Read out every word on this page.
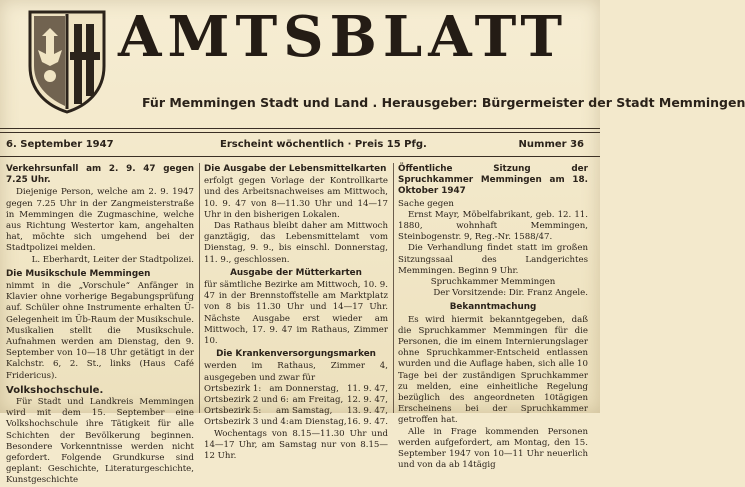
AMTSBLATT
Für Memmingen Stadt und Land . Herausgeber: Bürgermeister der Stadt Memmingen
6. September 1947	Erscheint wöchentlich · Preis 15 Pfg.	Nummer 36

Verkehrsunfall am 2. 9. 47 gegen 7.25 Uhr.

Diejenige Person, welche am 2. 9. 1947 gegen 7.25 Uhr in der Zangmeisterstraße in Memmingen die Zugmaschine, welche aus Richtung Westertor kam, angehalten hat, möchte sich umgehend bei der Stadtpolizei melden.

L. Eberhardt, Leiter der Stadtpolizei.

Die Musikschule Memmingen

nimmt in die „Vorschule“ Anfänger in Klavier ohne vorherige Begabungsprüfung auf. Schüler ohne Instrumente erhalten Ü-Gelegenheit im Üb-Raum der Musikschule. Musikalien stellt die Musikschule. Aufnahmen werden am Dienstag, den 9. September von 10—18 Uhr getätigt in der Kalchstr. 6, 2. St., links (Haus Café Fridericus).

Volkshochschule.

Für Stadt und Landkreis Memmingen wird mit dem 15. September eine Volkshochschule ihre Tätigkeit für alle Schichten der Bevölkerung beginnen. Besondere Vorkenntnisse werden nicht gefordert. Folgende Grundkurse sind geplant: Geschichte, Literaturgeschichte, Kunstgeschichte

Die Ausgabe der Lebensmittelkarten

erfolgt gegen Vorlage der Kontrollkarte und des Arbeitsnachweises am Mittwoch, 10. 9. 47 von 8—11.30 Uhr und 14—17 Uhr in den bisherigen Lokalen.

Das Rathaus bleibt daher am Mittwoch ganztägig, das Lebensmittelamt vom Dienstag, 9. 9., bis einschl. Donnerstag, 11. 9., geschlossen.

Ausgabe der Mütterkarten

für sämtliche Bezirke am Mittwoch, 10. 9. 47 in der Brennstoffstelle am Marktplatz von 8 bis 11.30 Uhr und 14—17 Uhr. Nächste Ausgabe erst wieder am Mittwoch, 17. 9. 47 im Rathaus, Zimmer 10.

Die Krankenversorgungsmarken

werden im Rathaus, Zimmer 4, ausgegeben und zwar für

Ortsbezirk 1: am Donnerstag, 11. 9. 47,
Ortsbezirk 2 und 6: am Freitag, 12. 9. 47,
Ortsbezirk 5: am Samstag, 13. 9. 47,
Ortsbezirk 3 und 4: am Dienstag, 16. 9. 47.

Wochentags von 8.15—11.30 Uhr und 14—17 Uhr, am Samstag nur von 8.15—12 Uhr.

Öffentliche Sitzung der Spruchkammer Memmingen am 18. Oktober 1947

Sache gegen

Ernst Mayr, Möbelfabrikant, geb. 12. 11. 1880, wohnhaft Memmingen, Steinbogenstr. 9, Reg.-Nr. 1588/47.

Die Verhandlung findet statt im großen Sitzungssaal des Landgerichtes Memmingen. Beginn 9 Uhr.

Spruchkammer Memmingen

Der Vorsitzende: Dir. Franz Angele.

Bekanntmachung

Es wird hiermit bekanntgegeben, daß die Spruchkammer Memmingen für die Personen, die im einem Internierungslager ohne Spruchkammer-Entscheid entlassen wurden und die Auflage haben, sich alle 10 Tage bei der zuständigen Spruchkammer zu melden, eine einheitliche Regelung bezüglich des angeordneten 10tägigen Erscheinens bei der Spruchkammer getroffen hat.

Alle in Frage kommenden Personen werden aufgefordert, am Montag, den 15. September 1947 von 10—11 Uhr neuerlich und von da ab 14tägig
